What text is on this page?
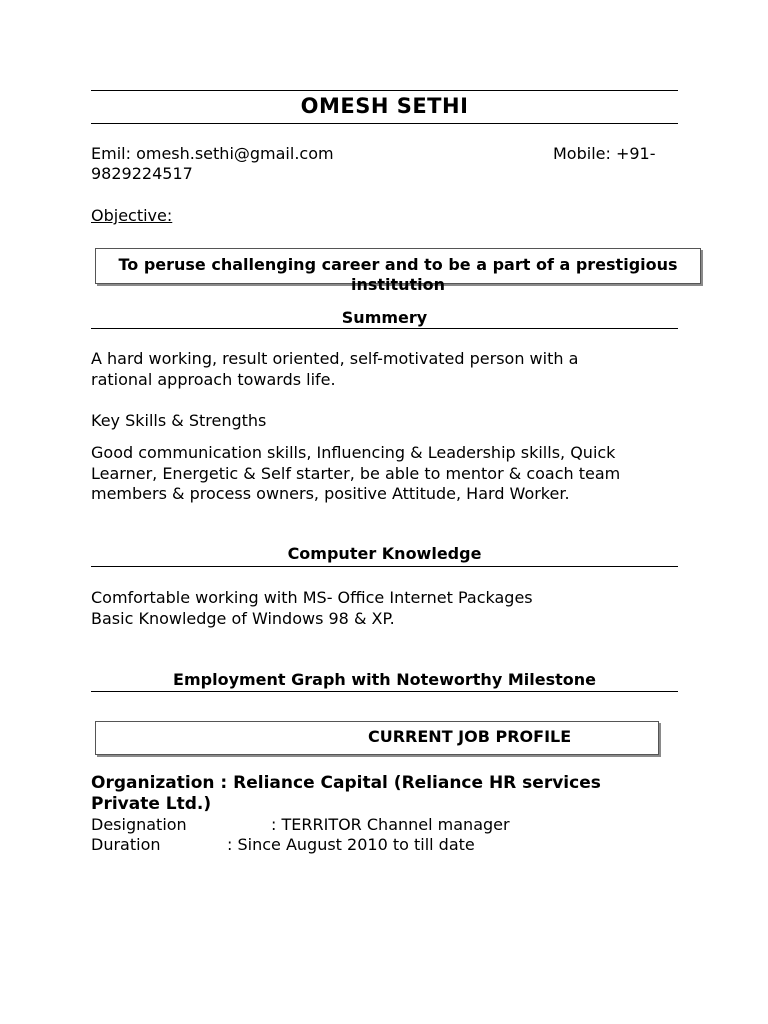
OMESH SETHI
Emil: omesh.sethi@gmail.com	Mobile: +91-
9829224517
Objective:
To peruse challenging career and to be a part of a prestigious institution
Summery
A hard working, result oriented, self-motivated person with a
rational approach towards life.
Key Skills & Strengths
Good communication skills, Influencing & Leadership skills, Quick
Learner, Energetic & Self starter, be able to mentor & coach team
members & process owners, positive Attitude, Hard Worker.
Computer Knowledge
Comfortable working with MS- Office Internet Packages
Basic Knowledge of Windows 98 & XP.
Employment Graph with Noteworthy Milestone
CURRENT JOB PROFILE
Organization : Reliance Capital (Reliance HR services
Private Ltd.)
Designation	: TERRITOR Channel manager
Duration	: Since August 2010 to till date
